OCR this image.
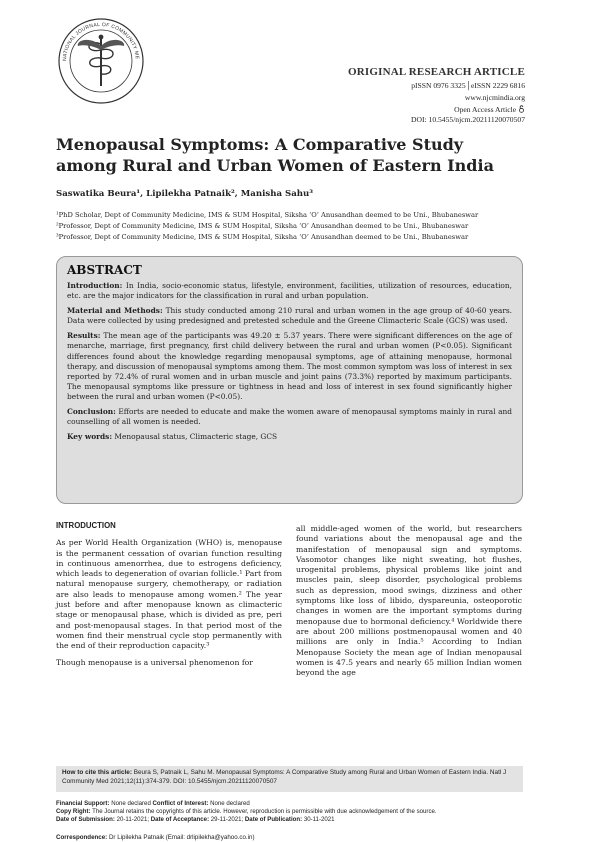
NATIONAL JOURNAL OF COMMUNITY ME
ORIGINAL RESEARCH ARTICLE
pISSN 0976 3325│eISSN 2229 6816
www.njcmindia.org
Open Access Article
DOI: 10.5455/njcm.20211120070507
Menopausal Symptoms: A Comparative Study among Rural and Urban Women of Eastern India
Saswatika Beura¹, Lipilekha Patnaik², Manisha Sahu³
¹PhD Scholar, Dept of Community Medicine, IMS & SUM Hospital, Siksha ‘O’ Anusandhan deemed to be Uni., Bhubaneswar
²Professor, Dept of Community Medicine, IMS & SUM Hospital, Siksha ‘O’ Anusandhan deemed to be Uni., Bhubaneswar
³Professor, Dept of Community Medicine, IMS & SUM Hospital, Siksha ‘O’ Anusandhan deemed to be Uni., Bhubaneswar
ABSTRACT

Introduction: In India, socio-economic status, lifestyle, environment, facilities, utilization of resources, education, etc. are the major indicators for the classification in rural and urban population.

Material and Methods: This study conducted among 210 rural and urban women in the age group of 40-60 years. Data were collected by using predesigned and pretested schedule and the Greene Climacteric Scale (GCS) was used.

Results: The mean age of the participants was 49.20 ± 5.37 years. There were significant differences on the age of menarche, marriage, first pregnancy, first child delivery between the rural and urban women (P<0.05). Significant differences found about the knowledge regarding menopausal symptoms, age of attaining menopause, hormonal therapy, and discussion of menopausal symptoms among them. The most common symptom was loss of interest in sex reported by 72.4% of rural women and in urban muscle and joint pains (73.3%) reported by maximum participants. The menopausal symptoms like pressure or tightness in head and loss of interest in sex found significantly higher between the rural and urban women (P<0.05).

Conclusion: Efforts are needed to educate and make the women aware of menopausal symptoms mainly in rural and counselling of all women is needed.

Key words: Menopausal status, Climacteric stage, GCS

INTRODUCTION

As per World Health Organization (WHO) is, menopause is the permanent cessation of ovarian function resulting in continuous amenorrhea, due to estrogens deficiency, which leads to degeneration of ovarian follicle.¹ Part from natural menopause surgery, chemotherapy, or radiation are also leads to menopause among women.² The year just before and after menopause known as climacteric stage or menopausal phase, which is divided as pre, peri and post-menopausal stages. In that period most of the women find their menstrual cycle stop permanently with the end of their reproduction capacity.³

Though menopause is a universal phenomenon for

all middle-aged women of the world, but researchers found variations about the menopausal age and the manifestation of menopausal sign and symptoms. Vasomotor changes like night sweating, hot flushes, urogenital problems, physical problems like joint and muscles pain, sleep disorder, psychological problems such as depression, mood swings, dizziness and other symptoms like loss of libido, dyspareunia, osteoporotic changes in women are the important symptoms during menopause due to hormonal deficiency.⁴ Worldwide there are about 200 millions postmenopausal women and 40 millions are only in India.⁵ According to Indian Menopause Society the mean age of Indian menopausal women is 47.5 years and nearly 65 million Indian women beyond the age

How to cite this article: Beura S, Patnaik L, Sahu M. Menopausal Symptoms: A Comparative Study among Rural and Urban Women of Eastern India. Natl J Community Med 2021;12(11):374-379. DOI: 10.5455/njcm.20211120070507
Financial Support: None declared Conflict of Interest: None declared
Copy Right: The Journal retains the copyrights of this article. However, reproduction is permissible with due acknowledgement of the source.
Date of Submission: 20-11-2021; Date of Acceptance: 29-11-2021; Date of Publication: 30-11-2021
Correspondence: Dr Lipilekha Patnaik (Email: drlipilekha@yahoo.co.in)
